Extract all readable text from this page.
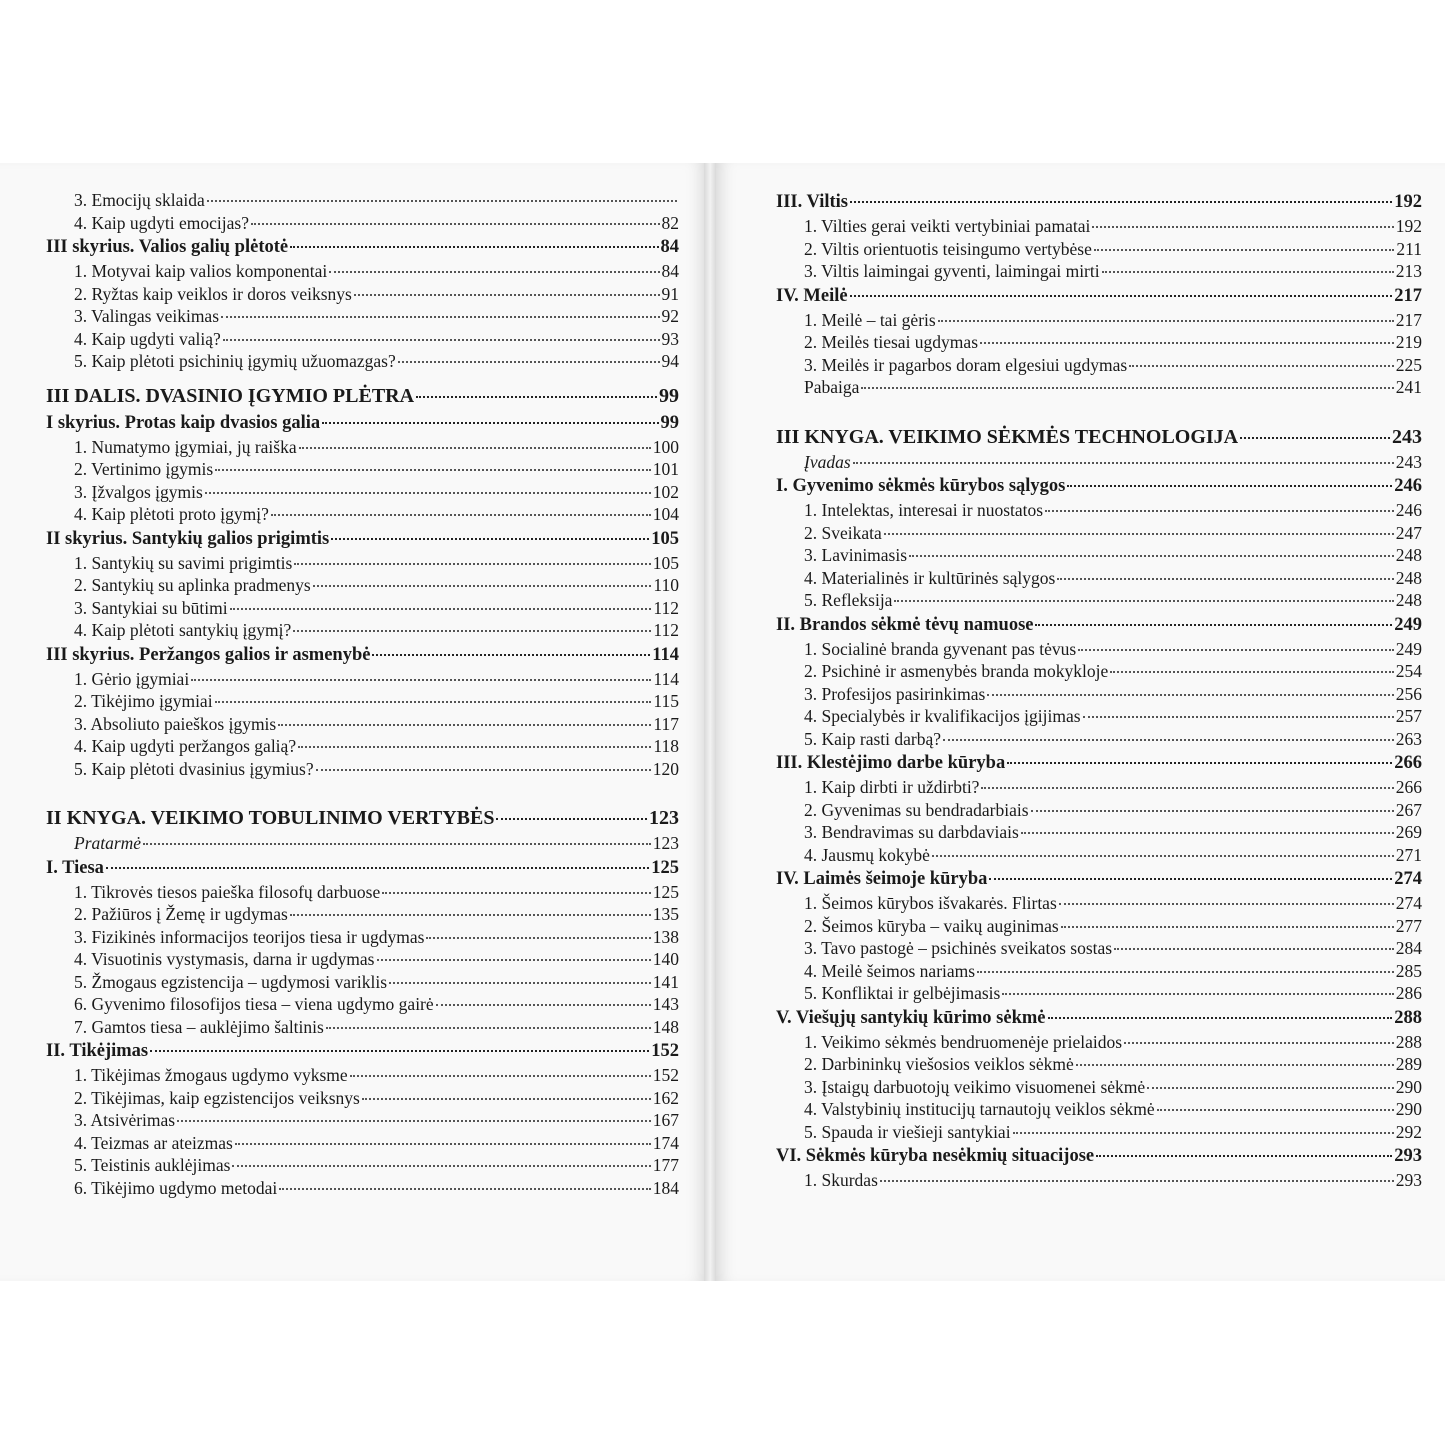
3. Emocijų sklaida
4. Kaip ugdyti emocijas?	82
III skyrius. Valios galių plėtotė	84
1. Motyvai kaip valios komponentai	84
2. Ryžtas kaip veiklos ir doros veiksnys	91
3. Valingas veikimas	92
4. Kaip ugdyti valią?	93
5. Kaip plėtoti psichinių įgymių užuomazgas?	94
III DALIS. DVASINIO ĮGYMIO PLĖTRA	99
I skyrius. Protas kaip dvasios galia	99
1. Numatymo įgymiai, jų raiška	100
2. Vertinimo įgymis	101
3. Įžvalgos įgymis	102
4. Kaip plėtoti proto įgymį?	104
II skyrius. Santykių galios prigimtis	105
1. Santykių su savimi prigimtis	105
2. Santykių su aplinka pradmenys	110
3. Santykiai su būtimi	112
4. Kaip plėtoti santykių įgymį?	112
III skyrius. Peržangos galios ir asmenybė	114
1. Gėrio įgymiai	114
2. Tikėjimo įgymiai	115
3. Absoliuto paieškos įgymis	117
4. Kaip ugdyti peržangos galią?	118
5. Kaip plėtoti dvasinius įgymius?	120
II KNYGA. VEIKIMO TOBULINIMO VERTYBĖS	123
Pratarmė	123
I. Tiesa	125
1. Tikrovės tiesos paieška filosofų darbuose	125
2. Pažiūros į Žemę ir ugdymas	135
3. Fizikinės informacijos teorijos tiesa ir ugdymas	138
4. Visuotinis vystymasis, darna ir ugdymas	140
5. Žmogaus egzistencija – ugdymosi variklis	141
6. Gyvenimo filosofijos tiesa – viena ugdymo gairė	143
7. Gamtos tiesa – auklėjimo šaltinis	148
II. Tikėjimas	152
1. Tikėjimas žmogaus ugdymo vyksme	152
2. Tikėjimas, kaip egzistencijos veiksnys	162
3. Atsivėrimas	167
4. Teizmas ar ateizmas	174
5. Teistinis auklėjimas	177
6. Tikėjimo ugdymo metodai	184
III. Viltis	192
1. Vilties gerai veikti vertybiniai pamatai	192
2. Viltis orientuotis teisingumo vertybėse	211
3. Viltis laimingai gyventi, laimingai mirti	213
IV. Meilė	217
1. Meilė – tai gėris	217
2. Meilės tiesai ugdymas	219
3. Meilės ir pagarbos doram elgesiui ugdymas	225
Pabaiga	241
III KNYGA. VEIKIMO SĖKMĖS TECHNOLOGIJA	243
Įvadas	243
I. Gyvenimo sėkmės kūrybos sąlygos	246
1. Intelektas, interesai ir nuostatos	246
2. Sveikata	247
3. Lavinimasis	248
4. Materialinės ir kultūrinės sąlygos	248
5. Refleksija	248
II. Brandos sėkmė tėvų namuose	249
1. Socialinė branda gyvenant pas tėvus	249
2. Psichinė ir asmenybės branda mokykloje	254
3. Profesijos pasirinkimas	256
4. Specialybės ir kvalifikacijos įgijimas	257
5. Kaip rasti darbą?	263
III. Klestėjimo darbe kūryba	266
1. Kaip dirbti ir uždirbti?	266
2. Gyvenimas su bendradarbiais	267
3. Bendravimas su darbdaviais	269
4. Jausmų kokybė	271
IV. Laimės šeimoje kūryba	274
1. Šeimos kūrybos išvakarės. Flirtas	274
2. Šeimos kūryba – vaikų auginimas	277
3. Tavo pastogė – psichinės sveikatos sostas	284
4. Meilė šeimos nariams	285
5. Konfliktai ir gelbėjimasis	286
V. Viešųjų santykių kūrimo sėkmė	288
1. Veikimo sėkmės bendruomenėje prielaidos	288
2. Darbininkų viešosios veiklos sėkmė	289
3. Įstaigų darbuotojų veikimo visuomenei sėkmė	290
4. Valstybinių institucijų tarnautojų veiklos sėkmė	290
5. Spauda ir viešieji santykiai	292
VI. Sėkmės kūryba nesėkmių situacijose	293
1. Skurdas	293
